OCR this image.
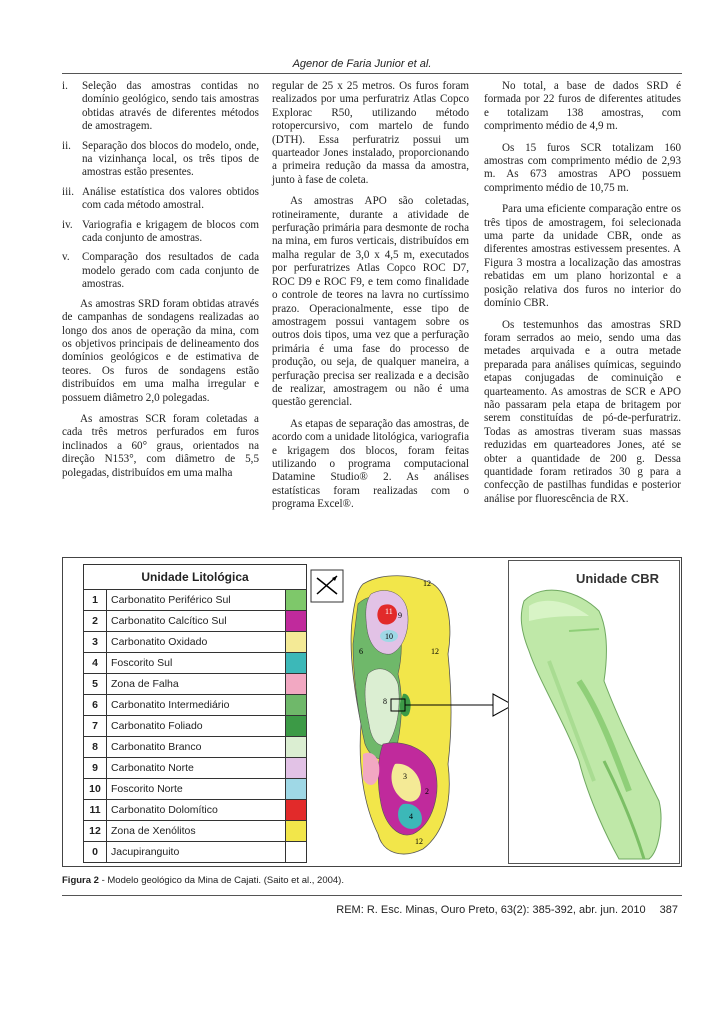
Agenor de Faria Junior et al.
i.	Seleção das amostras contidas no domínio geológico, sendo tais amostras obtidas através de diferentes métodos de amostragem.
ii. Separação dos blocos do modelo, onde, na vizinhança local, os três tipos de amostras estão presentes.
iii. Análise estatística dos valores obtidos com cada método amostral.
iv. Variografia e krigagem de blocos com cada conjunto de amostras.
v.	Comparação dos resultados de cada modelo gerado com cada conjunto de amostras.

As amostras SRD foram obtidas através de campanhas de sondagens realizadas ao longo dos anos de operação da mina, com os objetivos principais de delineamento dos domínios geológicos e de estimativa de teores. Os furos de sondagens estão distribuídos em uma malha irregular e possuem diâmetro 2,0 polegadas.

As amostras SCR foram coletadas a cada três metros perfurados em furos inclinados a 60° graus, orientados na direção N153°, com diâmetro de 5,5 polegadas, distribuídos em uma malha

regular de 25 x 25 metros. Os furos foram realizados por uma perfuratriz Atlas Copco Explorac R50, utilizando método rotopercursivo, com martelo de fundo (DTH). Essa perfuratriz possui um quarteador Jones instalado, proporcionando a primeira redução da massa da amostra, junto à fase de coleta.

As amostras APO são coletadas, rotineiramente, durante a atividade de perfuração primária para desmonte de rocha na mina, em furos verticais, distribuídos em malha regular de 3,0 x 4,5 m, executados por perfuratrizes Atlas Copco ROC D7, ROC D9 e ROC F9, e tem como finalidade o controle de teores na lavra no curtíssimo prazo. Operacionalmente, esse tipo de amostragem possui vantagem sobre os outros dois tipos, uma vez que a perfuração primária é uma fase do processo de produção, ou seja, de qualquer maneira, a perfuração precisa ser realizada e a decisão de realizar, amostragem ou não é uma questão gerencial.

As etapas de separação das amostras, de acordo com a unidade litológica, variografia e krigagem dos blocos, foram feitas utilizando o programa computacional Datamine Studio® 2. As análises estatísticas foram realizadas com o programa Excel®.

No total, a base de dados SRD é formada por 22 furos de diferentes atitudes e totalizam 138 amostras, com comprimento médio de 4,9 m.

Os 15 furos SCR totalizam 160 amostras com comprimento médio de 2,93 m. As 673 amostras APO possuem comprimento médio de 10,75 m.

Para uma eficiente comparação entre os três tipos de amostragem, foi selecionada uma parte da unidade CBR, onde as diferentes amostras estivessem presentes. A Figura 3 mostra a localização das amostras rebatidas em um plano horizontal e a posição relativa dos furos no interior do domínio CBR.

Os testemunhos das amostras SRD foram serrados ao meio, sendo uma das metades arquivada e a outra metade preparada para análises químicas, seguindo etapas conjugadas de cominuição e quarteamento. As amostras de SCR e APO não passaram pela etapa de britagem por serem constituídas de pó-de-perfuratriz. Todas as amostras tiveram suas massas reduzidas em quarteadores Jones, até se obter a quantidade de 200 g. Dessa quantidade foram retirados 30 g para a confecção de pastilhas fundidas e posterior análise por fluorescência de RX.

Unidade Litológica		
1	Carbonatito Periférico Sul	
2	Carbonatito Calcítico Sul	
3	Carbonatito Oxidado	
4	Foscorito Sul	
5	Zona de Falha	
6	Carbonatito Intermediário	
7	Carbonatito Foliado	
8	Carbonatito Branco	
9	Carbonatito Norte	
10	Foscorito Norte	
11	Carbonatito Dolomítico	
12	Zona de Xenólitos	
0	Jacupiranguito	
12
9
11
10
6	12
8
3
2
4
12
Unidade CBR
Figura 2 - Modelo geológico da Mina de Cajati. (Saito et al., 2004).
REM: R. Esc. Minas, Ouro Preto, 63(2): 385-392, abr. jun. 2010 387
